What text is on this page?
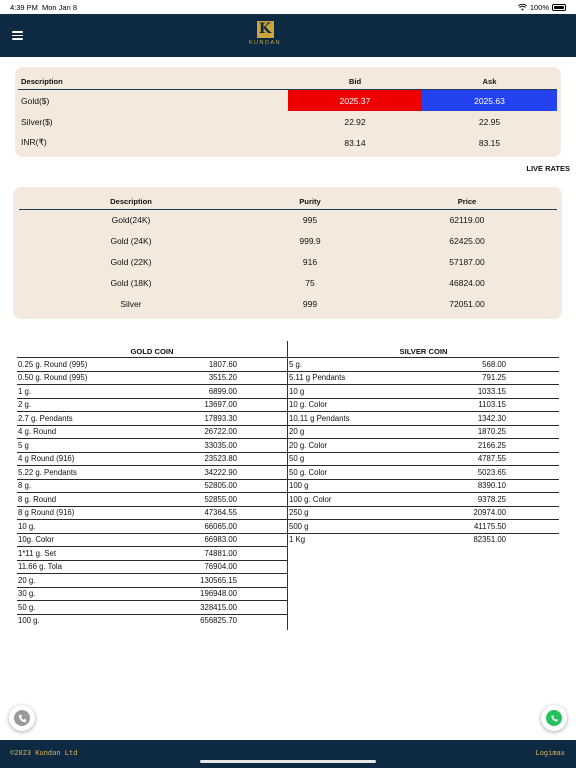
4:39 PM Mon Jan 8	100%
K
KUNDAN
Description	Bid	Ask
Gold($)	2025.37	2025.63
Silver($)	22.92	22.95
INR(₹)	83.14	83.15
LIVE RATES
Description	Purity	Price
Gold(24K)	995	62119.00
Gold (24K)	999.9	62425.00
Gold (22K)	916	57187.00
Gold (18K)	75	46824.00
Silver	999	72051.00
GOLD COIN	SILVER COIN
0.25 g. Round (995)	1807.60
0.50 g. Round (995)	3515.20
1 g.	6899.00
2 g.	13697.00
2.7 g. Pendants	17893.30
4 g. Round	26722.00
5 g	33035.00
4 g Round (916)	23523.80
5.22 g. Pendants	34222.90
8 g.	52805.00
8 g. Round	52855.00
8 g Round (916)	47364.55
10 g.	66065.00
10g. Color	66983.00
1*11 g. Set	74881.00
11.66 g. Tola	76904.00
20 g.	130565.15
30 g.	196948.00
50 g.	328415.00
100 g.	656825.70
5 g.	568.00
5.11 g Pendants	791.25
10 g	1033.15
10 g. Color	1103.15
10.11 g Pendants	1342.30
20 g	1870.25
20 g. Color	2166.25
50 g	4787.55
50 g. Color	5023.65
100 g	8390.10
100 g. Color	9378.25
250 g	20974.00
500 g	41175.50
1 Kg	82351.00
©2023 Kundan Ltd	Logimax
